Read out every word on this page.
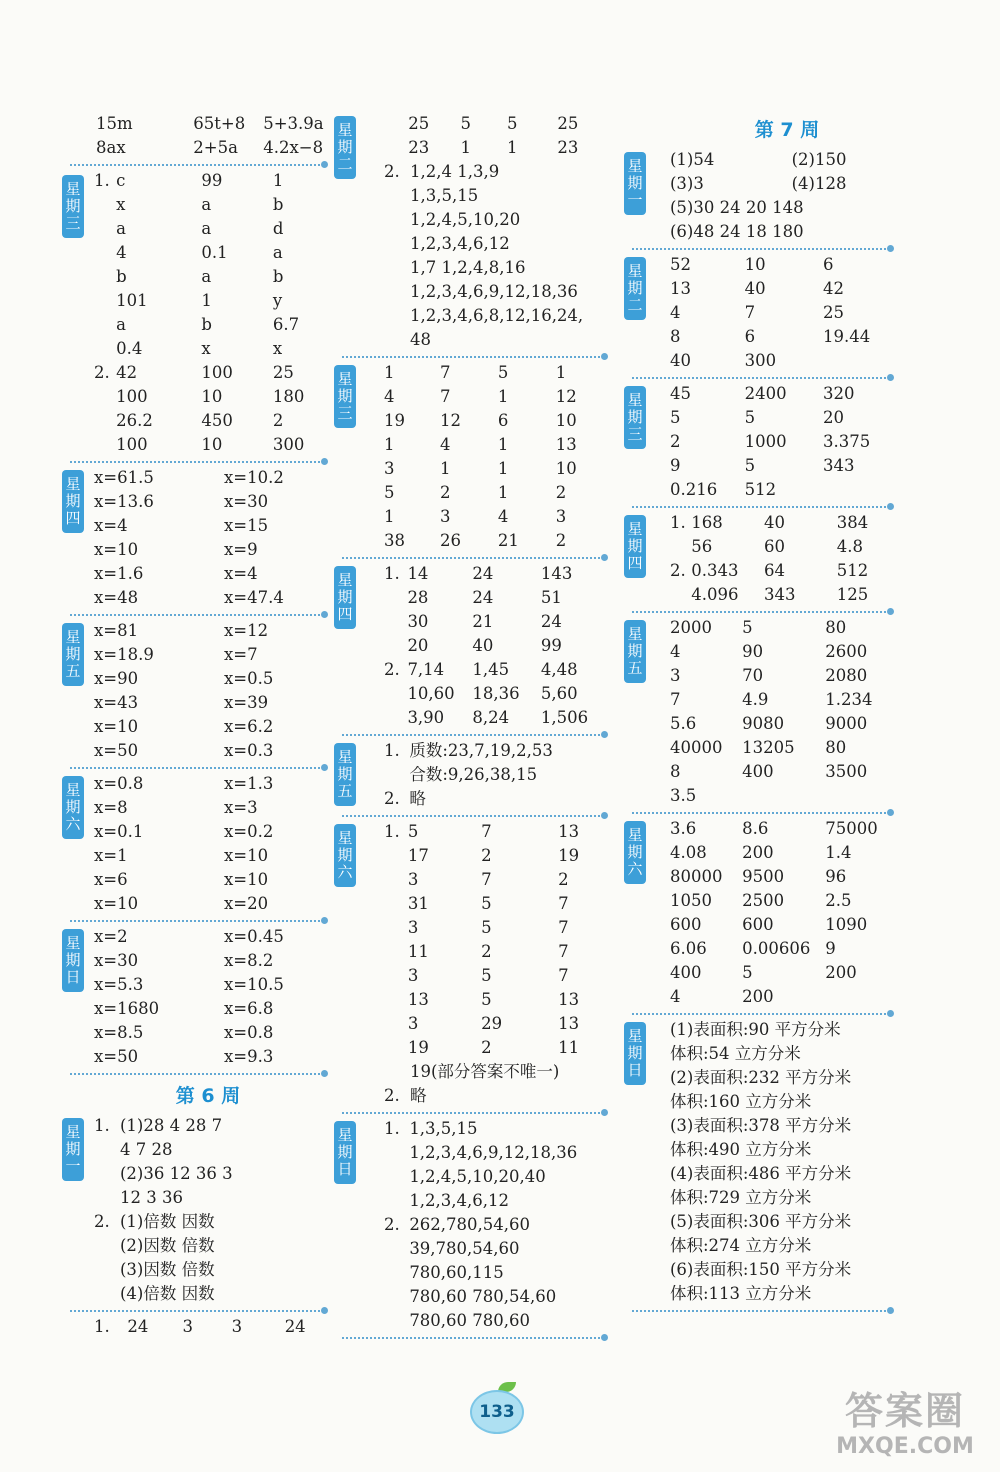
15m	65t+8	5+3.9a
8ax	2+5a	4.2x−8
星
期
三
1. c	99	1
x	a	b
a	a	d
4	0.1	a
b	a	b
101	1	y
a	b	6.7
0.4	x	x
2. 42	100	25
100	10	180
26.2	450	2
100	10	300
星
期
四
x=61.5	x=10.2
x=13.6	x=30
x=4	x=15
x=10	x=9
x=1.6	x=4
x=48	x=47.4
星
期
五
x=81	x=12
x=18.9	x=7
x=90	x=0.5
x=43	x=39
x=10	x=6.2
x=50	x=0.3
星
期
六
x=0.8	x=1.3
x=8	x=3
x=0.1	x=0.2
x=1	x=10
x=6	x=10
x=10	x=20
星
期
日
x=2	x=0.45
x=30	x=8.2
x=5.3	x=10.5
x=1680	x=6.8
x=8.5	x=0.8
x=50	x=9.3
第 6 周
星
期
一
1. (1)28 4 28 7
4 7 28
(2)36 12 36 3
12 3 36
2. (1)倍数 因数
(2)因数 倍数
(3)因数 倍数
(4)倍数 因数
1.	24	3	3	24
星
期
二
25	5	5	25
23	1	1	23
2. 1,2,4 1,3,9
1,3,5,15
1,2,4,5,10,20
1,2,3,4,6,12
1,7 1,2,4,8,16
1,2,3,4,6,9,12,18,36
1,2,3,4,6,8,12,16,24,
48
星
期
三
1	7	5	1
4	7	1	12
19	12	6	10
1	4	1	13
3	1	1	10
5	2	1	2
1	3	4	3
38	26	21	2
星
期
四
1. 14	24	143
28	24	51
30	21	24
20	40	99
2. 7,14	1,45	4,48
10,60	18,36	5,60
3,90	8,24	1,506
星
期
五
1. 质数:23,7,19,2,53
合数:9,26,38,15
2. 略
星
期
六
1. 5	7	13
17	2	19
3	7	2
31	5	7
3	5	7
11	2	7
3	5	7
13	5	13
3	29	13
19	2	11
19(部分答案不唯一)
2. 略
星
期
日
1. 1,3,5,15
1,2,3,4,6,9,12,18,36
1,2,4,5,10,20,40
1,2,3,4,6,12
2. 262,780,54,60
39,780,54,60
780,60,115
780,60 780,54,60
780,60 780,60
第 7 周
星
期
一
(1)54	(2)150
(3)3	(4)128
(5)30 24 20 148
(6)48 24 18 180
星
期
二
52	10	6
13	40	42
4	7	25
8	6	19.44
40	300
星
期
三
45	2400	320
5	5	20
2	1000	3.375
9	5	343
0.216	512
星
期
四
1. 168	40	384
56	60	4.8
2. 0.343	64	512
4.096	343	125
星
期
五
2000	5	80
4	90	2600
3	70	2080
7	4.9	1.234
5.6	9080	9000
40000	13205	80
8	400	3500
3.5
星
期
六
3.6	8.6	75000
4.08	200	1.4
80000	9500	96
1050	2500	2.5
600	600	1090
6.06	0.00606 9
400	5	200
4	200
星
期
日
(1)表面积:90 平方分米
体积:54 立方分米
(2)表面积:232 平方分米
体积:160 立方分米
(3)表面积:378 平方分米
体积:490 立方分米
(4)表面积:486 平方分米
体积:729 立方分米
(5)表面积:306 平方分米
体积:274 立方分米
(6)表面积:150 平方分米
体积:113 立方分米
133	答案圈
MXQE.COM
